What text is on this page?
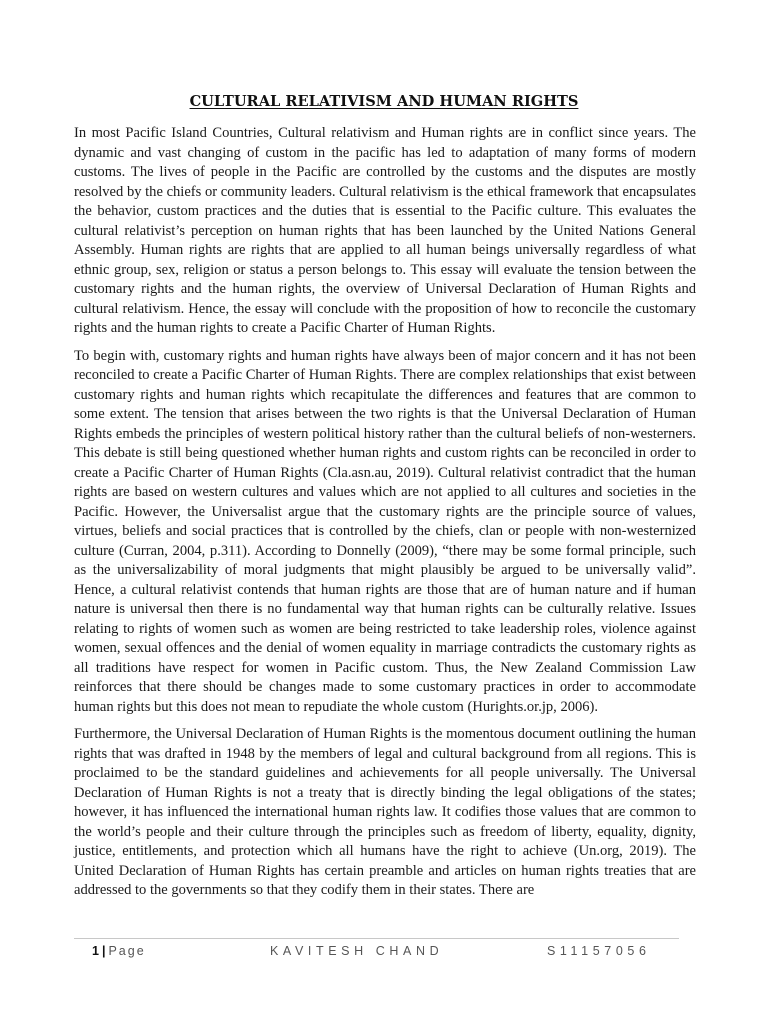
CULTURAL RELATIVISM AND HUMAN RIGHTS

In most Pacific Island Countries, Cultural relativism and Human rights are in conflict since years. The dynamic and vast changing of custom in the pacific has led to adaptation of many forms of modern customs. The lives of people in the Pacific are controlled by the customs and the disputes are mostly resolved by the chiefs or community leaders. Cultural relativism is the ethical framework that encapsulates the behavior, custom practices and the duties that is essential to the Pacific culture. This evaluates the cultural relativist’s perception on human rights that has been launched by the United Nations General Assembly. Human rights are rights that are applied to all human beings universally regardless of what ethnic group, sex, religion or status a person belongs to. This essay will evaluate the tension between the customary rights and the human rights, the overview of Universal Declaration of Human Rights and cultural relativism. Hence, the essay will conclude with the proposition of how to reconcile the customary rights and the human rights to create a Pacific Charter of Human Rights.

To begin with, customary rights and human rights have always been of major concern and it has not been reconciled to create a Pacific Charter of Human Rights. There are complex relationships that exist between customary rights and human rights which recapitulate the differences and features that are common to some extent. The tension that arises between the two rights is that the Universal Declaration of Human Rights embeds the principles of western political history rather than the cultural beliefs of non-westerners. This debate is still being questioned whether human rights and custom rights can be reconciled in order to create a Pacific Charter of Human Rights (Cla.asn.au, 2019). Cultural relativist contradict that the human rights are based on western cultures and values which are not applied to all cultures and societies in the Pacific. However, the Universalist argue that the customary rights are the principle source of values, virtues, beliefs and social practices that is controlled by the chiefs, clan or people with non-westernized culture (Curran, 2004, p.311). According to Donnelly (2009), “there may be some formal principle, such as the universalizability of moral judgments that might plausibly be argued to be universally valid”. Hence, a cultural relativist contends that human rights are those that are of human nature and if human nature is universal then there is no fundamental way that human rights can be culturally relative. Issues relating to rights of women such as women are being restricted to take leadership roles, violence against women, sexual offences and the denial of women equality in marriage contradicts the customary rights as all traditions have respect for women in Pacific custom. Thus, the New Zealand Commission Law reinforces that there should be changes made to some customary practices in order to accommodate human rights but this does not mean to repudiate the whole custom (Hurights.or.jp, 2006).

Furthermore, the Universal Declaration of Human Rights is the momentous document outlining the human rights that was drafted in 1948 by the members of legal and cultural background from all regions. This is proclaimed to be the standard guidelines and achievements for all people universally. The Universal Declaration of Human Rights is not a treaty that is directly binding the legal obligations of the states; however, it has influenced the international human rights law. It codifies those values that are common to the world’s people and their culture through the principles such as freedom of liberty, equality, dignity, justice, entitlements, and protection which all humans have the right to achieve (Un.org, 2019). The United Declaration of Human Rights has certain preamble and articles on human rights treaties that are addressed to the governments so that they codify them in their states. There are

1 | Page	KAVITESH CHAND	S11157056
